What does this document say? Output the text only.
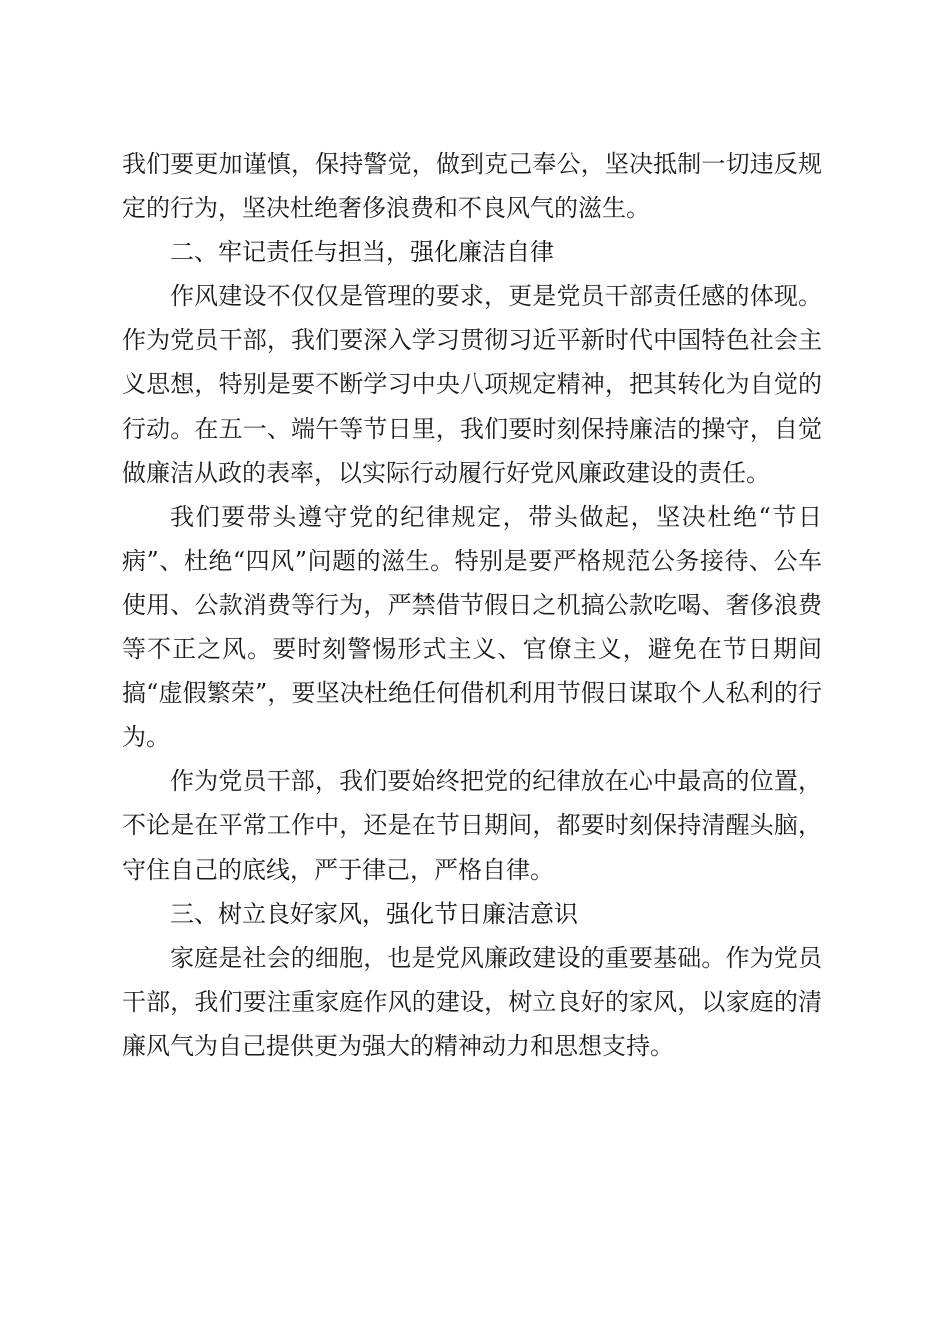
我们要更加谨慎，保持警觉，做到克己奉公，坚决抵制一切违反规定的行为，坚决杜绝奢侈浪费和不良风气的滋生。

二、牢记责任与担当，强化廉洁自律

作风建设不仅仅是管理的要求，更是党员干部责任感的体现。作为党员干部，我们要深入学习贯彻习近平新时代中国特色社会主义思想，特别是要不断学习中央八项规定精神，把其转化为自觉的行动。在五一、端午等节日里，我们要时刻保持廉洁的操守，自觉做廉洁从政的表率，以实际行动履行好党风廉政建设的责任。

我们要带头遵守党的纪律规定，带头做起，坚决杜绝“节日病”、杜绝“四风”问题的滋生。特别是要严格规范公务接待、公车使用、公款消费等行为，严禁借节假日之机搞公款吃喝、奢侈浪费等不正之风。要时刻警惕形式主义、官僚主义，避免在节日期间搞“虚假繁荣”，要坚决杜绝任何借机利用节假日谋取个人私利的行为。

作为党员干部，我们要始终把党的纪律放在心中最高的位置，不论是在平常工作中，还是在节日期间，都要时刻保持清醒头脑，守住自己的底线，严于律己，严格自律。

三、树立良好家风，强化节日廉洁意识

家庭是社会的细胞，也是党风廉政建设的重要基础。作为党员干部，我们要注重家庭作风的建设，树立良好的家风，以家庭的清廉风气为自己提供更为强大的精神动力和思想支持。
